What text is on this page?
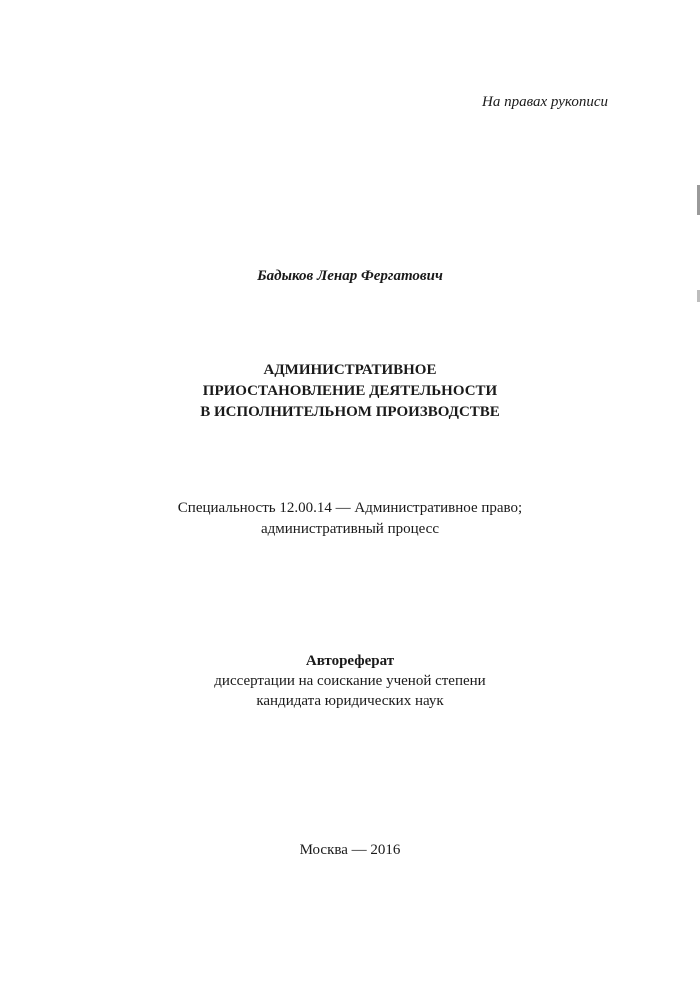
На правах рукописи
Бадыков Ленар Фергатович
АДМИНИСТРАТИВНОЕ
ПРИОСТАНОВЛЕНИЕ ДЕЯТЕЛЬНОСТИ
В ИСПОЛНИТЕЛЬНОМ ПРОИЗВОДСТВЕ
Специальность 12.00.14 — Административное право;
административный процесс
Автореферат
диссертации на соискание ученой степени
кандидата юридических наук
Москва — 2016
